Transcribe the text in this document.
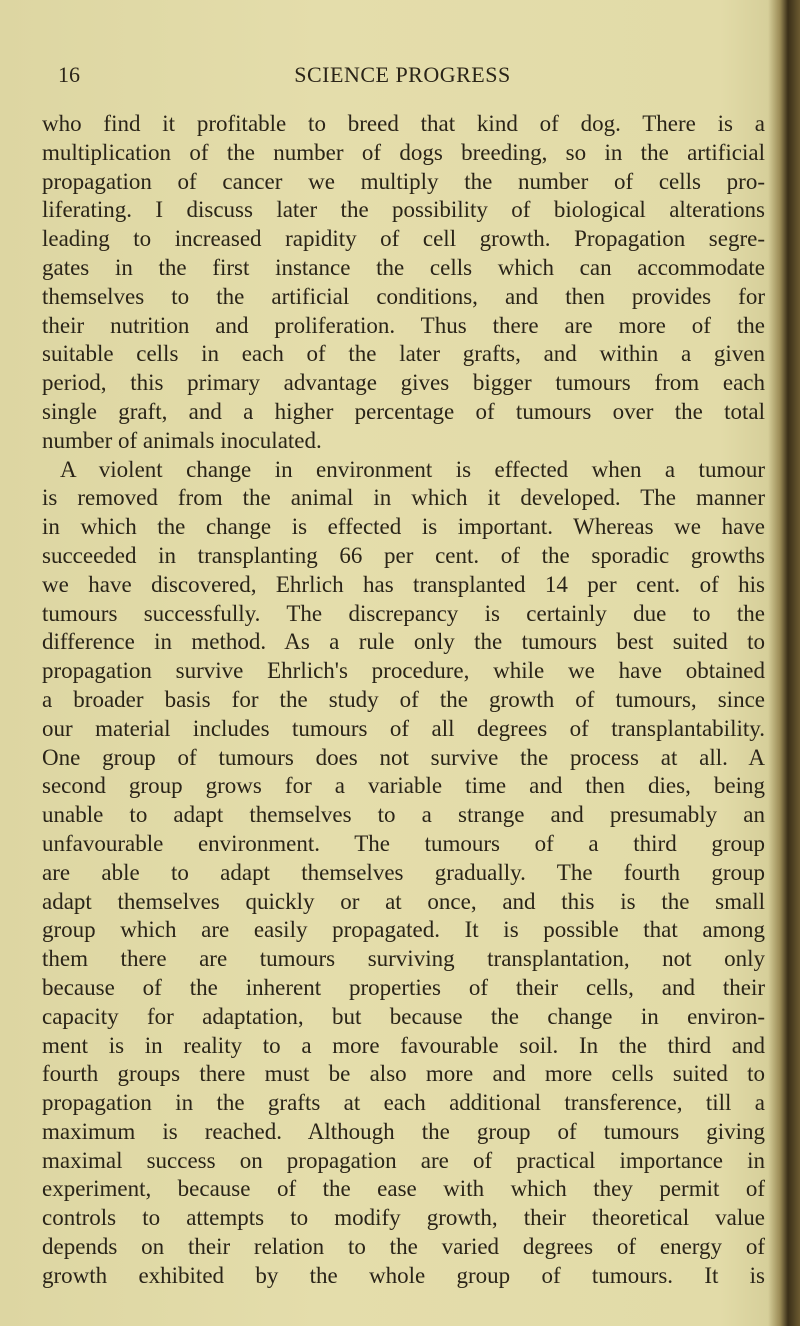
16	SCIENCE PROGRESS
who find it profitable to breed that kind of dog. There is a
multiplication of the number of dogs breeding, so in the artificial
propagation of cancer we multiply the number of cells pro-
liferating. I discuss later the possibility of biological alterations
leading to increased rapidity of cell growth. Propagation segre-
gates in the first instance the cells which can accommodate
themselves to the artificial conditions, and then provides for
their nutrition and proliferation. Thus there are more of the
suitable cells in each of the later grafts, and within a given
period, this primary advantage gives bigger tumours from each
single graft, and a higher percentage of tumours over the total
number of animals inoculated.
A violent change in environment is effected when a tumour
is removed from the animal in which it developed. The manner
in which the change is effected is important. Whereas we have
succeeded in transplanting 66 per cent. of the sporadic growths
we have discovered, Ehrlich has transplanted 14 per cent. of his
tumours successfully. The discrepancy is certainly due to the
difference in method. As a rule only the tumours best suited to
propagation survive Ehrlich's procedure, while we have obtained
a broader basis for the study of the growth of tumours, since
our material includes tumours of all degrees of transplantability.
One group of tumours does not survive the process at all. A
second group grows for a variable time and then dies, being
unable to adapt themselves to a strange and presumably an
unfavourable environment. The tumours of a third group
are able to adapt themselves gradually. The fourth group
adapt themselves quickly or at once, and this is the small
group which are easily propagated. It is possible that among
them there are tumours surviving transplantation, not only
because of the inherent properties of their cells, and their
capacity for adaptation, but because the change in environ-
ment is in reality to a more favourable soil. In the third and
fourth groups there must be also more and more cells suited to
propagation in the grafts at each additional transference, till a
maximum is reached. Although the group of tumours giving
maximal success on propagation are of practical importance in
experiment, because of the ease with which they permit of
controls to attempts to modify growth, their theoretical value
depends on their relation to the varied degrees of energy of
growth exhibited by the whole group of tumours. It is
